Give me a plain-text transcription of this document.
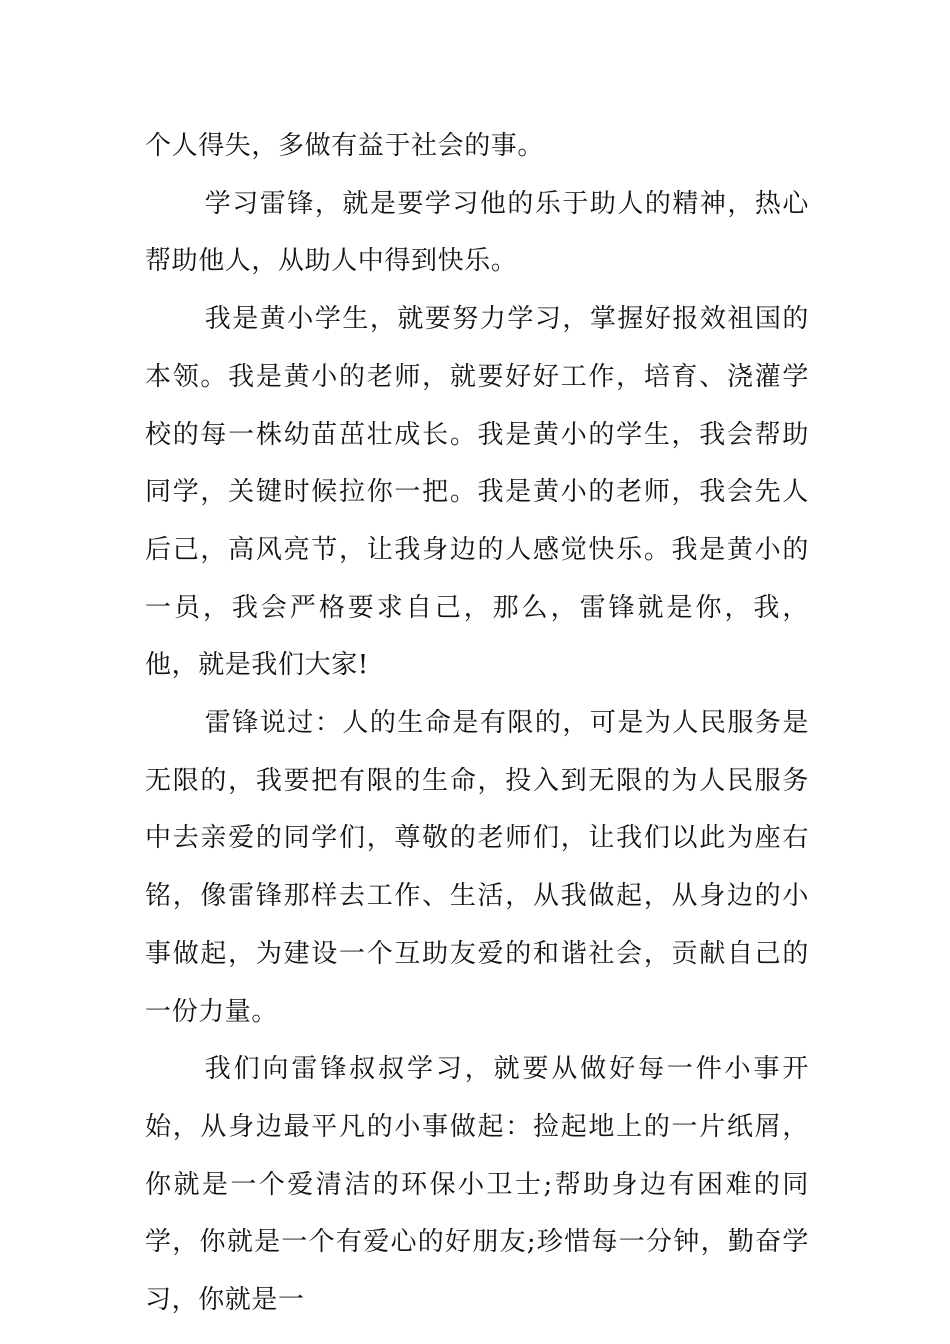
个人得失，多做有益于社会的事。

学习雷锋，就是要学习他的乐于助人的精神，热心帮助他人，从助人中得到快乐。

我是黄小学生，就要努力学习，掌握好报效祖国的本领。我是黄小的老师，就要好好工作，培育、浇灌学校的每一株幼苗茁壮成长。我是黄小的学生，我会帮助同学，关键时候拉你一把。我是黄小的老师，我会先人后己，高风亮节，让我身边的人感觉快乐。我是黄小的一员，我会严格要求自己，那么，雷锋就是你，我，他，就是我们大家!

雷锋说过：人的生命是有限的，可是为人民服务是无限的，我要把有限的生命，投入到无限的为人民服务中去亲爱的同学们，尊敬的老师们，让我们以此为座右铭，像雷锋那样去工作、生活，从我做起，从身边的小事做起，为建设一个互助友爱的和谐社会，贡献自己的一份力量。

我们向雷锋叔叔学习，就要从做好每一件小事开始，从身边最平凡的小事做起：捡起地上的一片纸屑，你就是一个爱清洁的环保小卫士;帮助身边有困难的同学，你就是一个有爱心的好朋友;珍惜每一分钟，勤奋学习，你就是一
